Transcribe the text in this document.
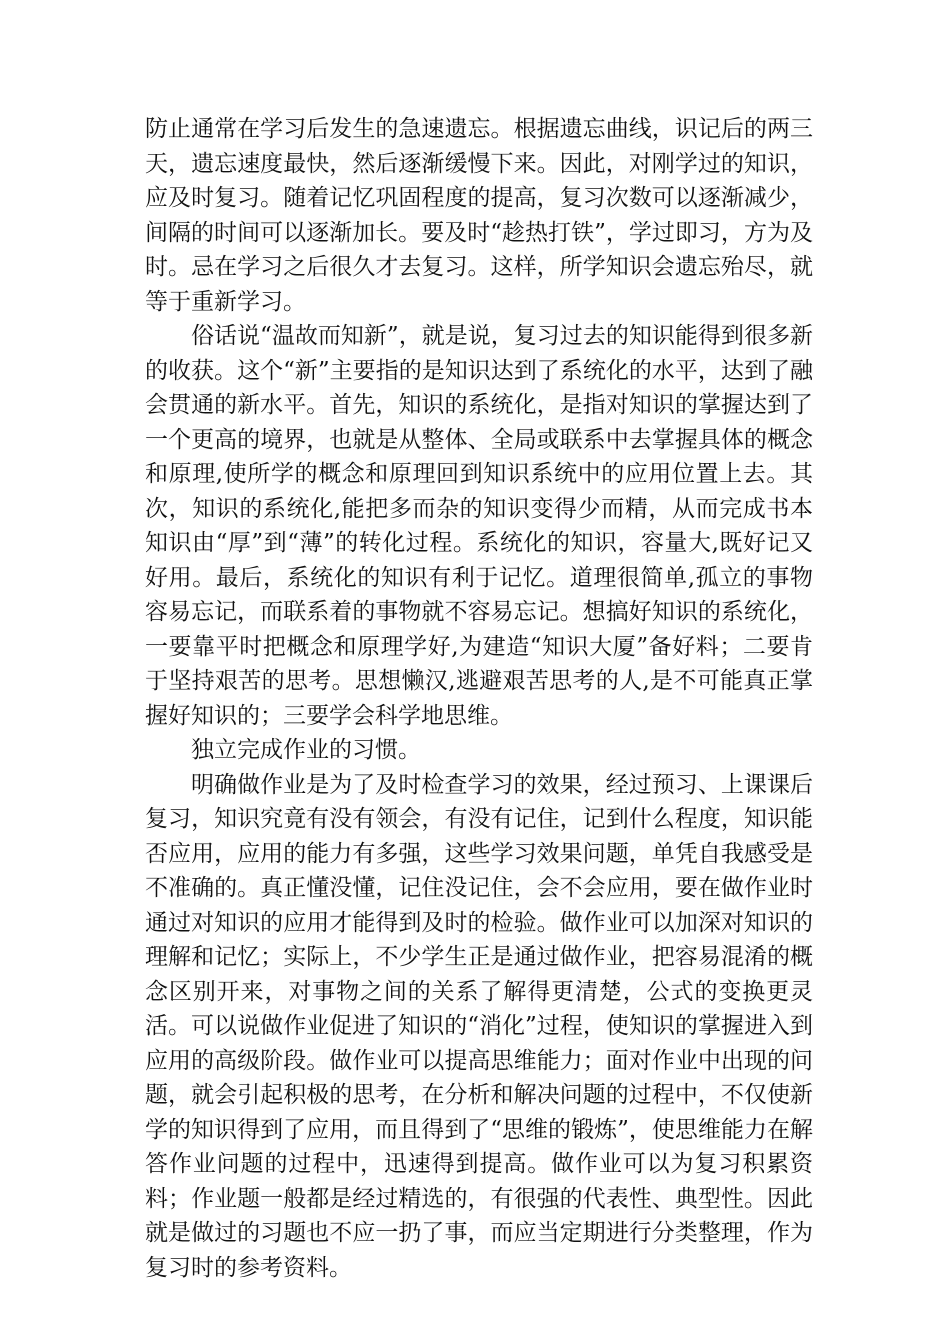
防止通常在学习后发生的急速遗忘。根据遗忘曲线，识记后的两三天，遗忘速度最快，然后逐渐缓慢下来。因此，对刚学过的知识，应及时复习。随着记忆巩固程度的提高，复习次数可以逐渐减少，间隔的时间可以逐渐加长。要及时“趁热打铁”，学过即习，方为及时。忌在学习之后很久才去复习。这样，所学知识会遗忘殆尽，就等于重新学习。

俗话说“温故而知新”，就是说，复习过去的知识能得到很多新的收获。这个“新”主要指的是知识达到了系统化的水平，达到了融会贯通的新水平。首先，知识的系统化，是指对知识的掌握达到了一个更高的境界，也就是从整体、全局或联系中去掌握具体的概念和原理,使所学的概念和原理回到知识系统中的应用位置上去。其次，知识的系统化,能把多而杂的知识变得少而精，从而完成书本知识由“厚”到“薄”的转化过程。系统化的知识，容量大,既好记又好用。最后，系统化的知识有利于记忆。道理很简单,孤立的事物容易忘记，而联系着的事物就不容易忘记。想搞好知识的系统化，一要靠平时把概念和原理学好,为建造“知识大厦”备好料；二要肯于坚持艰苦的思考。思想懒汉,逃避艰苦思考的人,是不可能真正掌握好知识的；三要学会科学地思维。

独立完成作业的习惯。

明确做作业是为了及时检查学习的效果，经过预习、上课课后复习，知识究竟有没有领会，有没有记住，记到什么程度，知识能否应用，应用的能力有多强，这些学习效果问题，单凭自我感受是不准确的。真正懂没懂，记住没记住，会不会应用，要在做作业时通过对知识的应用才能得到及时的检验。做作业可以加深对知识的理解和记忆；实际上，不少学生正是通过做作业，把容易混淆的概念区别开来，对事物之间的关系了解得更清楚，公式的变换更灵活。可以说做作业促进了知识的“消化”过程，使知识的掌握进入到应用的高级阶段。做作业可以提高思维能力；面对作业中出现的问题，就会引起积极的思考，在分析和解决问题的过程中，不仅使新学的知识得到了应用，而且得到了“思维的锻炼”，使思维能力在解答作业问题的过程中，迅速得到提高。做作业可以为复习积累资料；作业题一般都是经过精选的，有很强的代表性、典型性。因此就是做过的习题也不应一扔了事，而应当定期进行分类整理，作为复习时的参考资料。
